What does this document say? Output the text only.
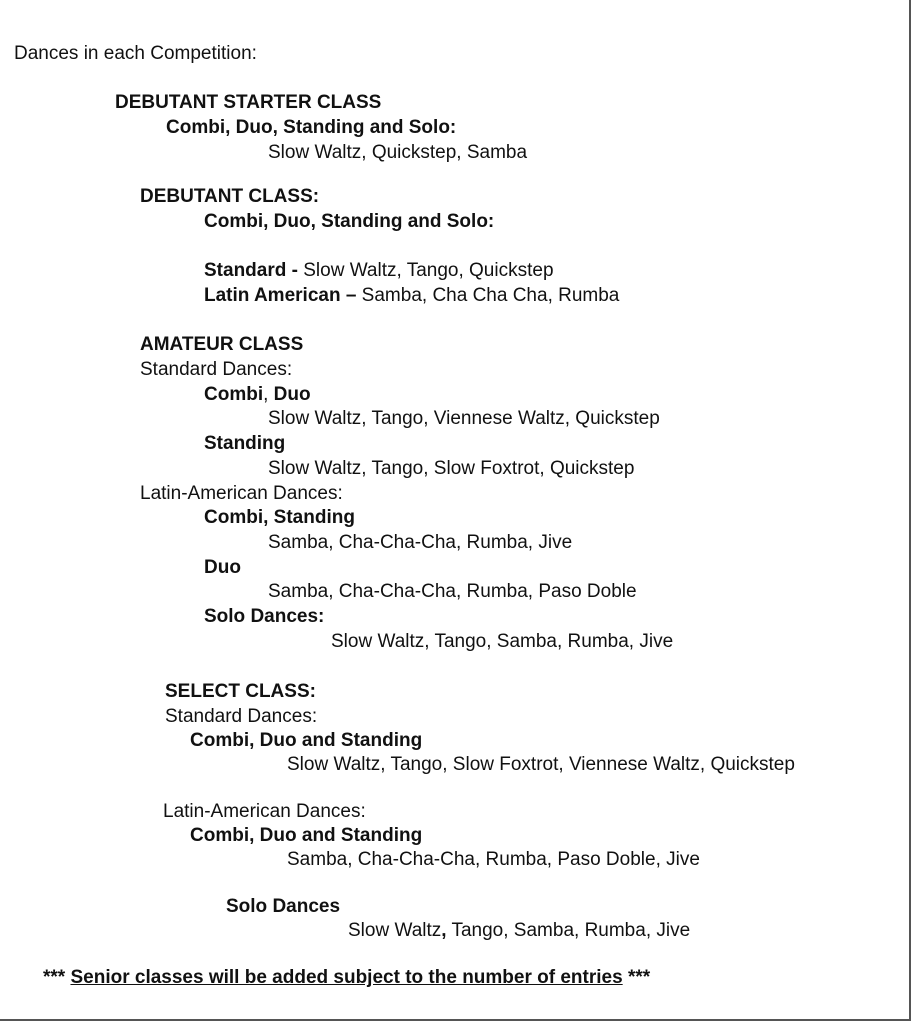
Dances in each Competition:
DEBUTANT STARTER CLASS
Combi, Duo, Standing and Solo:
Slow Waltz, Quickstep, Samba
DEBUTANT CLASS:
Combi, Duo, Standing and Solo:
Standard - Slow Waltz, Tango, Quickstep
Latin American – Samba, Cha Cha Cha, Rumba
AMATEUR CLASS
Standard Dances:
Combi, Duo
Slow Waltz, Tango, Viennese Waltz, Quickstep
Standing
Slow Waltz, Tango, Slow Foxtrot, Quickstep
Latin-American Dances:
Combi, Standing
Samba, Cha-Cha-Cha, Rumba, Jive
Duo
Samba, Cha-Cha-Cha, Rumba, Paso Doble
Solo Dances:
Slow Waltz, Tango, Samba, Rumba, Jive
SELECT CLASS:
Standard Dances:
Combi, Duo and Standing
Slow Waltz, Tango, Slow Foxtrot, Viennese Waltz, Quickstep
Latin-American Dances:
Combi, Duo and Standing
Samba, Cha-Cha-Cha, Rumba, Paso Doble, Jive
Solo Dances
Slow Waltz, Tango, Samba, Rumba, Jive
*** Senior classes will be added subject to the number of entries ***
